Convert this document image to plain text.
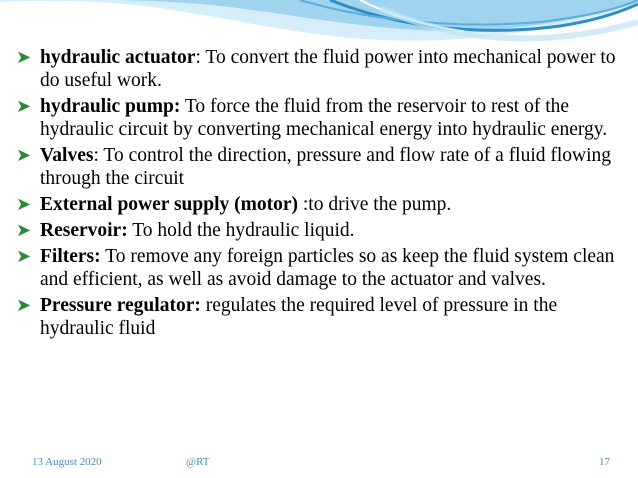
➤ hydraulic actuator: To convert the fluid power into mechanical power to do useful work.
➤ hydraulic pump: To force the fluid from the reservoir to rest of the hydraulic circuit by converting mechanical energy into hydraulic energy.
➤ Valves: To control the direction, pressure and flow rate of a fluid flowing through the circuit
➤ External power supply (motor) :to drive the pump.
➤ Reservoir: To hold the hydraulic liquid.
➤ Filters: To remove any foreign particles so as keep the fluid system clean and efficient, as well as avoid damage to the actuator and valves.
➤ Pressure regulator: regulates the required level of pressure in the hydraulic fluid
13 August 2020	@RT	17
